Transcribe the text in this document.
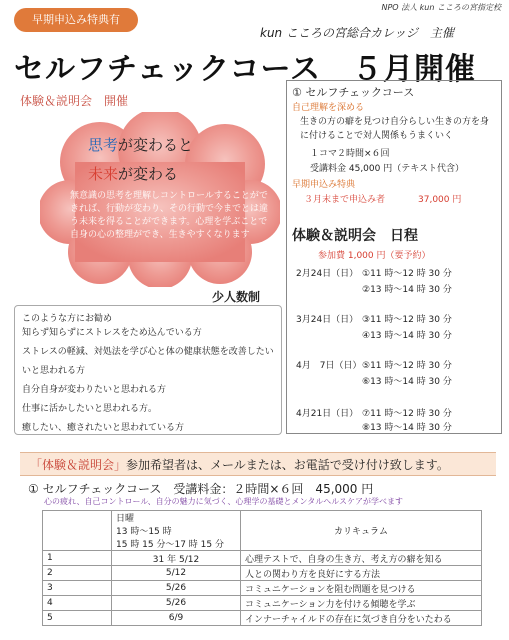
早期申込み特典有
NPO 法人 kun こころの宮指定校
kun こころの宮総合カレッジ　主催
セルフチェックコース　５月開催
体験＆説明会　開催
思考が変わると
未来が変わる
無意識の思考を理解しコントロールすることができれば、行動が変わり、その行動で今までとは違う未来を得ることができます。心理を学ぶことで自身の心の整理ができ、生きやすくなります
少人数制
このような方にお勧め
知らず知らずにストレスをため込んでいる方
ストレスの軽減、対処法を学び心と体の健康状態を改善したい
いと思われる方
自分自身が変わりたいと思われる方
仕事に活かしたいと思われる方。
癒したい、癒されたいと思われている方
① セルフチェックコース
自己理解を深める
生きの方の癖を見つけ自分らしい生きの方を身
に付けることで対人関係もうまくいく
１コマ２時間×６回
受講料金 45,000 円（テキスト代含）
早期申込み特典
３月末まで申込み者	37,000 円
体験＆説明会　日程
参加費 1,000 円（要予約）
2月24日（日） ①11 時～12 時 30 分
②13 時～14 時 30 分
3月24日（日） ③11 時～12 時 30 分
④13 時～14 時 30 分
4月　7日（日） ⑤11 時～12 時 30 分
⑥13 時～14 時 30 分
4月21日（日） ⑦11 時～12 時 30 分
⑧13 時～14 時 30 分
「体験＆説明会」参加希望者は、メールまたは、お電話で受け付け致します。
① セルフチェックコース　受講料金：２時間×６回　45,000 円
心の疲れ、自己コントロール、自分の魅力に気づく、心理学の基礎とメンタルヘルスケアが学べます

	日曜
13 時～15 時
15 時 15 分～17 時 15 分	カリキュラム
1	31 年 5/12	心理テストで、自身の生き方、考え方の癖を知る
2	5/12	人との関わり方を良好にする方法
3	5/26	コミュニケーションを阻む問題を見つける
4	5/26	コミュニケーション力を付ける傾聴を学ぶ
5	6/9	インナーチャイルドの存在に気づき自分をいたわる
